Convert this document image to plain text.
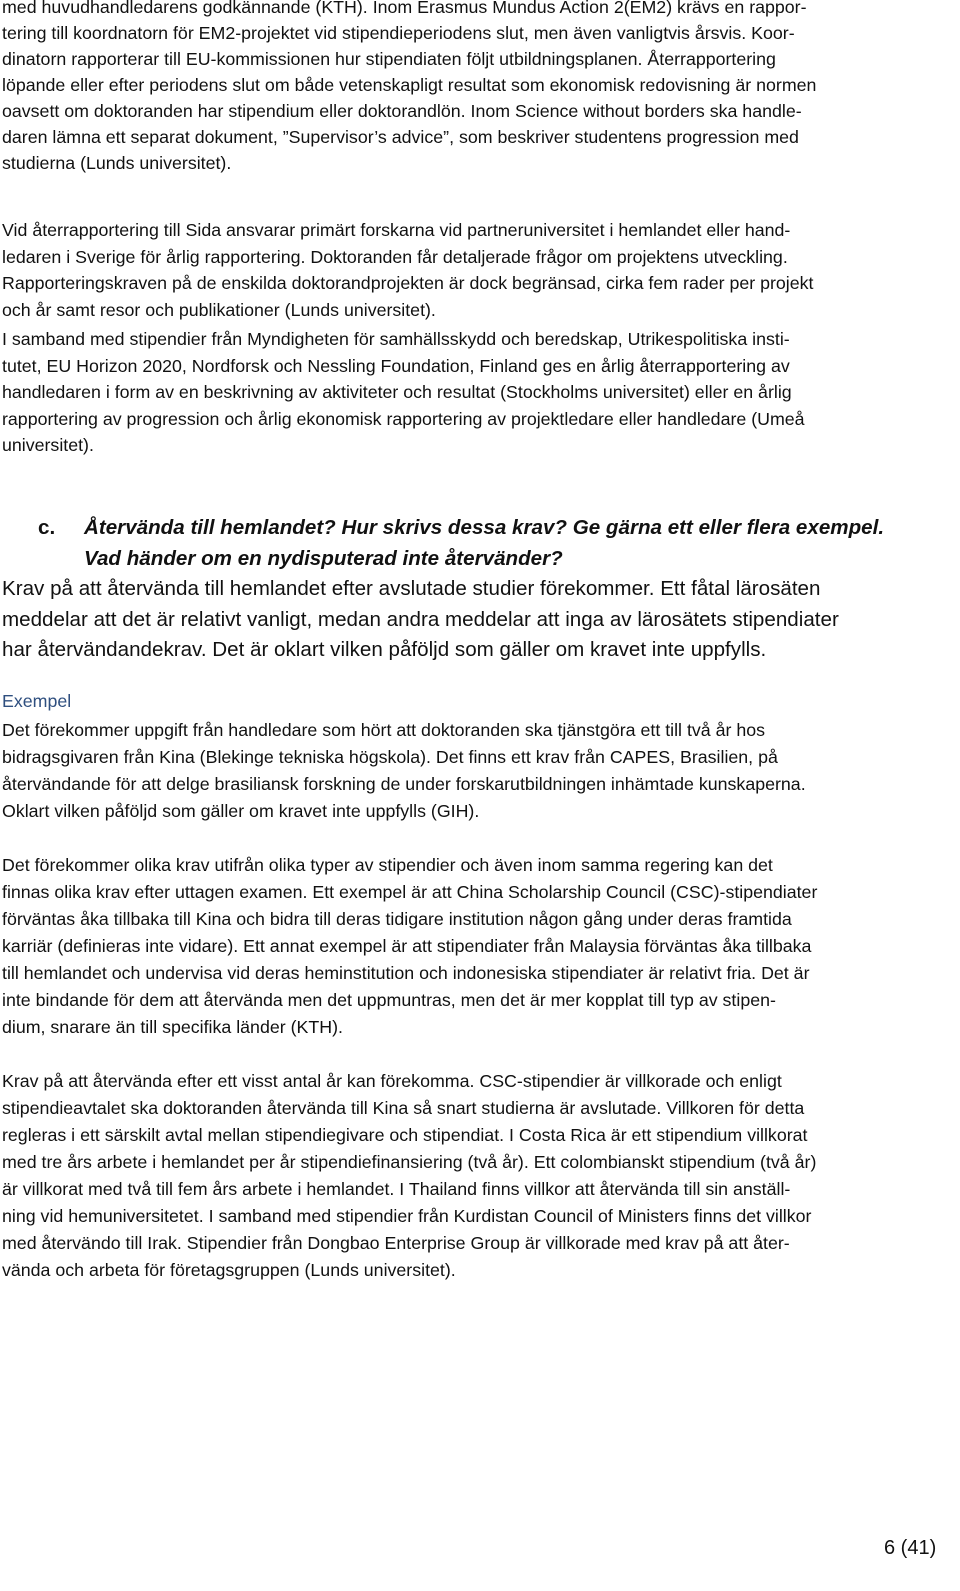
med huvudhandledarens godkännande (KTH). Inom Erasmus Mundus Action 2(EM2) krävs en rappor-
tering till koordnatorn för EM2-projektet vid stipendieperiodens slut, men även vanligtvis årsvis. Koor-
dinatorn rapporterar till EU-kommissionen hur stipendiaten följt utbildningsplanen. Återrapportering
löpande eller efter periodens slut om både vetenskapligt resultat som ekonomisk redovisning är normen
oavsett om doktoranden har stipendium eller doktorandlön. Inom Science without borders ska handle-
daren lämna ett separat dokument, ”Supervisor’s advice”, som beskriver studentens progression med
studierna (Lunds universitet).
Vid återrapportering till Sida ansvarar primärt forskarna vid partneruniversitet i hemlandet eller hand-
ledaren i Sverige för årlig rapportering. Doktoranden får detaljerade frågor om projektens utveckling.
Rapporteringskraven på de enskilda doktorandprojekten är dock begränsad, cirka fem rader per projekt
och år samt resor och publikationer (Lunds universitet).
I samband med stipendier från Myndigheten för samhällsskydd och beredskap, Utrikespolitiska insti-
tutet, EU Horizon 2020, Nordforsk och Nessling Foundation, Finland ges en årlig återrapportering av
handledaren i form av en beskrivning av aktiviteter och resultat (Stockholms universitet) eller en årlig
rapportering av progression och årlig ekonomisk rapportering av projektledare eller handledare (Umeå
universitet).
c.	Återvända till hemlandet? Hur skrivs dessa krav? Ge gärna ett eller flera exempel.
Vad händer om en nydisputerad inte återvänder?
Krav på att återvända till hemlandet efter avslutade studier förekommer. Ett fåtal lärosäten
meddelar att det är relativt vanligt, medan andra meddelar att inga av lärosätets stipendiater
har återvändandekrav. Det är oklart vilken påföljd som gäller om kravet inte uppfylls.
Exempel
Det förekommer uppgift från handledare som hört att doktoranden ska tjänstgöra ett till två år hos
bidragsgivaren från Kina (Blekinge tekniska högskola). Det finns ett krav från CAPES, Brasilien, på
återvändande för att delge brasiliansk forskning de under forskarutbildningen inhämtade kunskaperna.
Oklart vilken påföljd som gäller om kravet inte uppfylls (GIH).
Det förekommer olika krav utifrån olika typer av stipendier och även inom samma regering kan det
finnas olika krav efter uttagen examen. Ett exempel är att China Scholarship Council (CSC)-stipendiater
förväntas åka tillbaka till Kina och bidra till deras tidigare institution någon gång under deras framtida
karriär (definieras inte vidare). Ett annat exempel är att stipendiater från Malaysia förväntas åka tillbaka
till hemlandet och undervisa vid deras heminstitution och indonesiska stipendiater är relativt fria. Det är
inte bindande för dem att återvända men det uppmuntras, men det är mer kopplat till typ av stipen-
dium, snarare än till specifika länder (KTH).
Krav på att återvända efter ett visst antal år kan förekomma. CSC-stipendier är villkorade och enligt
stipendieavtalet ska doktoranden återvända till Kina så snart studierna är avslutade. Villkoren för detta
regleras i ett särskilt avtal mellan stipendiegivare och stipendiat. I Costa Rica är ett stipendium villkorat
med tre års arbete i hemlandet per år stipendiefinansiering (två år). Ett colombianskt stipendium (två år)
är villkorat med två till fem års arbete i hemlandet. I Thailand finns villkor att återvända till sin anställ-
ning vid hemuniversitetet. I samband med stipendier från Kurdistan Council of Ministers finns det villkor
med återvändo till Irak. Stipendier från Dongbao Enterprise Group är villkorade med krav på att åter-
vända och arbeta för företagsgruppen (Lunds universitet).
6 (41)
